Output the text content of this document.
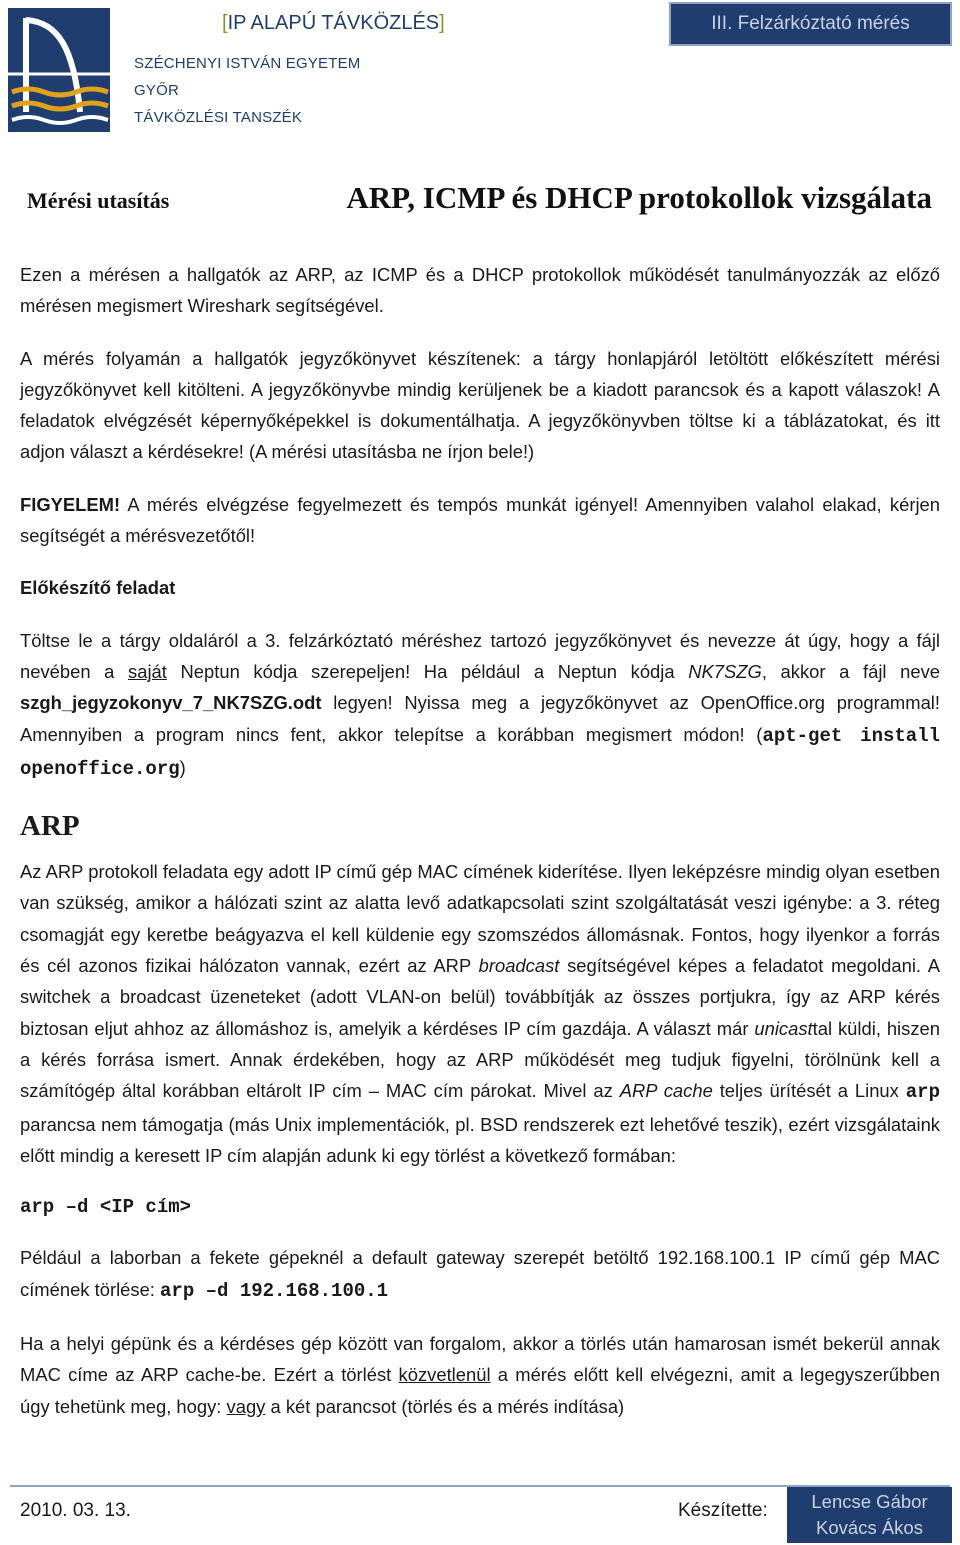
[IP ALAPÚ TÁVKÖZLÉS]
SZÉCHENYI ISTVÁN EGYETEM
GYŐR
TÁVKÖZLÉSI TANSZÉK
III. Felzárkóztató mérés
Mérési utasítás	ARP, ICMP és DHCP protokollok vizsgálata

Ezen a mérésen a hallgatók az ARP, az ICMP és a DHCP protokollok működését tanulmányozzák az előző mérésen megismert Wireshark segítségével.

A mérés folyamán a hallgatók jegyzőkönyvet készítenek: a tárgy honlapjáról letöltött előkészített mérési jegyzőkönyvet kell kitölteni. A jegyzőkönyvbe mindig kerüljenek be a kiadott parancsok és a kapott válaszok! A feladatok elvégzését képernyőképekkel is dokumentálhatja. A jegyzőkönyvben töltse ki a táblázatokat, és itt adjon választ a kérdésekre! (A mérési utasításba ne írjon bele!)

FIGYELEM! A mérés elvégzése fegyelmezett és tempós munkát igényel! Amennyiben valahol elakad, kérjen segítségét a mérésvezetőtől!

Előkészítő feladat

Töltse le a tárgy oldaláról a 3. felzárkóztató méréshez tartozó jegyzőkönyvet és nevezze át úgy, hogy a fájl nevében a saját Neptun kódja szerepeljen! Ha például a Neptun kódja NK7SZG, akkor a fájl neve szgh_jegyzokonyv_7_NK7SZG.odt legyen! Nyissa meg a jegyzőkönyvet az OpenOffice.org programmal! Amennyiben a program nincs fent, akkor telepítse a korábban megismert módon! (apt-get install openoffice.org)

ARP

Az ARP protokoll feladata egy adott IP című gép MAC címének kiderítése. Ilyen leképzésre mindig olyan esetben van szükség, amikor a hálózati szint az alatta levő adatkapcsolati szint szolgáltatását veszi igénybe: a 3. réteg csomagját egy keretbe beágyazva el kell küldenie egy szomszédos állomásnak. Fontos, hogy ilyenkor a forrás és cél azonos fizikai hálózaton vannak, ezért az ARP broadcast segítségével képes a feladatot megoldani. A switchek a broadcast üzeneteket (adott VLAN-on belül) továbbítják az összes portjukra, így az ARP kérés biztosan eljut ahhoz az állomáshoz is, amelyik a kérdéses IP cím gazdája. A választ már unicasttal küldi, hiszen a kérés forrása ismert. Annak érdekében, hogy az ARP működését meg tudjuk figyelni, törölnünk kell a számítógép által korábban eltárolt IP cím – MAC cím párokat. Mivel az ARP cache teljes ürítését a Linux arp parancsa nem támogatja (más Unix implementációk, pl. BSD rendszerek ezt lehetővé teszik), ezért vizsgálataink előtt mindig a keresett IP cím alapján adunk ki egy törlést a következő formában:

arp –d <IP cím>

Például a laborban a fekete gépeknél a default gateway szerepét betöltő 192.168.100.1 IP című gép MAC címének törlése: arp –d 192.168.100.1

Ha a helyi gépünk és a kérdéses gép között van forgalom, akkor a törlés után hamarosan ismét bekerül annak MAC címe az ARP cache-be. Ezért a törlést közvetlenül a mérés előtt kell elvégezni, amit a legegyszerűbben úgy tehetünk meg, hogy: vagy a két parancsot (törlés és a mérés indítása)

2010. 03. 13.	Készítette:	Lencse Gábor
Kovács Ákos
